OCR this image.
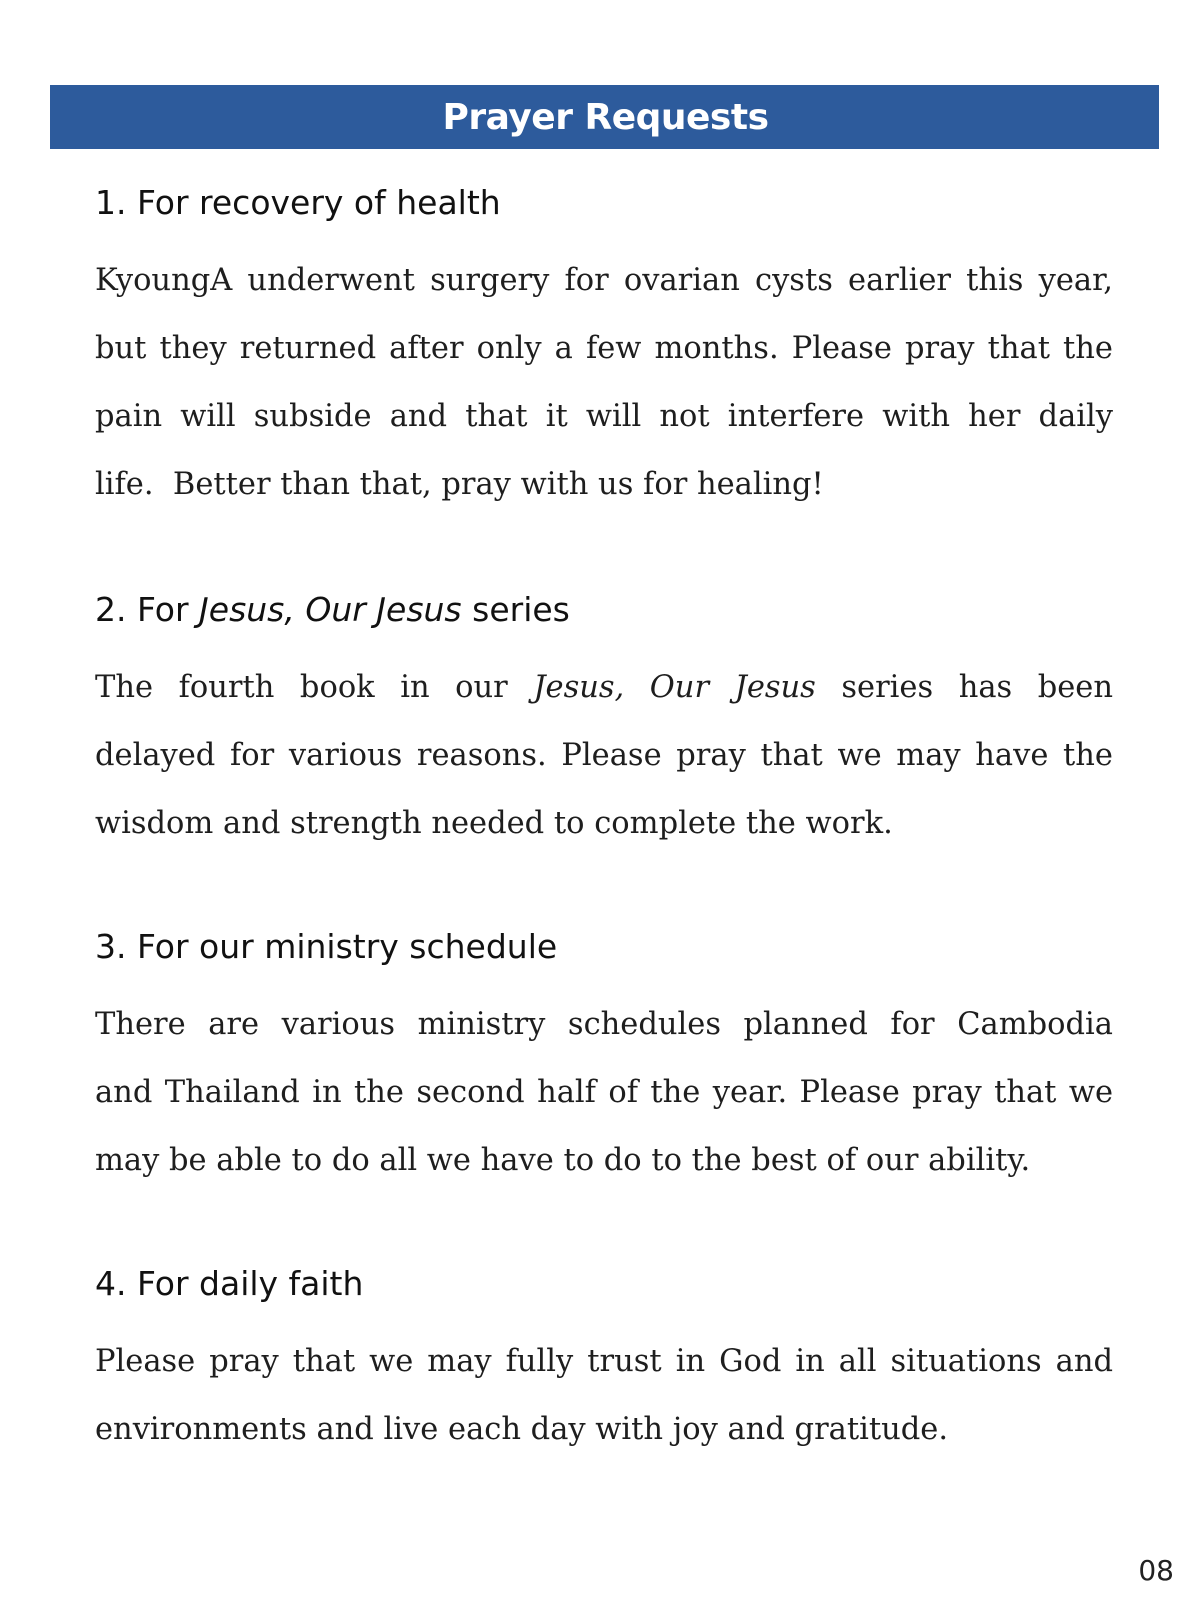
Prayer Requests
1. For recovery of health
KyoungA underwent surgery for ovarian cysts earlier this year,
but they returned after only a few months. Please pray that the
pain will subside and that it will not interfere with her daily
life.  Better than that, pray with us for healing!
2. For Jesus, Our Jesus series
The fourth book in our Jesus, Our Jesus series has been
delayed for various reasons. Please pray that we may have the
wisdom and strength needed to complete the work.
3. For our ministry schedule
There are various ministry schedules planned for Cambodia
and Thailand in the second half of the year. Please pray that we
may be able to do all we have to do to the best of our ability.
4. For daily faith
Please pray that we may fully trust in God in all situations and
environments and live each day with joy and gratitude.
08
